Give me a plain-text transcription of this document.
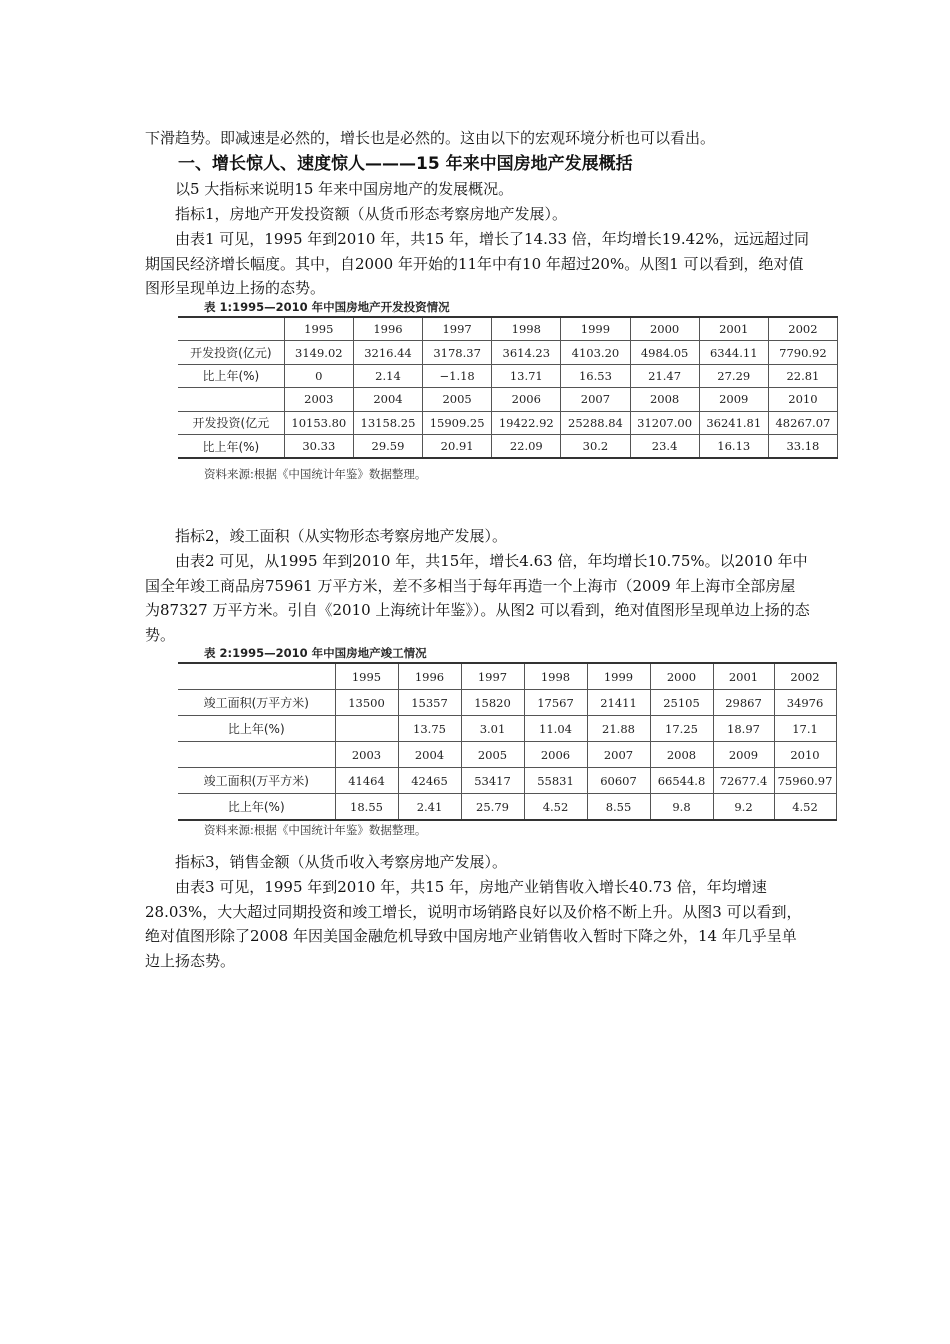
下滑趋势。即减速是必然的，增长也是必然的。这由以下的宏观环境分析也可以看出。

一、增长惊人、速度惊人———15 年来中国房地产发展概括

以5 大指标来说明15 年来中国房地产的发展概况。

指标1，房地产开发投资额（从货币形态考察房地产发展）。

由表1 可见，1995 年到2010 年，共15 年，增长了14.33 倍，年均增长19.42%，远远超过同期国民经济增长幅度。其中，自2000 年开始的11年中有10 年超过20%。从图1 可以看到，绝对值图形呈现单边上扬的态势。

表 1:1995—2010 年中国房地产开发投资情况
	1995	1996	1997	1998	1999	2000	2001	2002
开发投资(亿元)	3149.02	3216.44	3178.37	3614.23	4103.20	4984.05	6344.11	7790.92
比上年(%)	0	2.14	−1.18	13.71	16.53	21.47	27.29	22.81
	2003	2004	2005	2006	2007	2008	2009	2010
开发投资(亿元	10153.80	13158.25	15909.25	19422.92	25288.84	31207.00	36241.81	48267.07
比上年(%)	30.33	29.59	20.91	22.09	30.2	23.4	16.13	33.18
资料来源:根据《中国统计年鉴》数据整理。

指标2，竣工面积（从实物形态考察房地产发展）。

由表2 可见，从1995 年到2010 年，共15年，增长4.63 倍，年均增长10.75%。以2010 年中国全年竣工商品房75961 万平方米，差不多相当于每年再造一个上海市（2009 年上海市全部房屋为87327 万平方米。引自《2010 上海统计年鉴》）。从图2 可以看到，绝对值图形呈现单边上扬的态势。

表 2:1995—2010 年中国房地产竣工情况
	1995	1996	1997	1998	1999	2000	2001	2002
竣工面积(万平方米)	13500	15357	15820	17567	21411	25105	29867	34976
比上年(%)		13.75	3.01	11.04	21.88	17.25	18.97	17.1
	2003	2004	2005	2006	2007	2008	2009	2010
竣工面积(万平方米)	41464	42465	53417	55831	60607	66544.8	72677.4	75960.97
比上年(%)	18.55	2.41	25.79	4.52	8.55	9.8	9.2	4.52
资料来源:根据《中国统计年鉴》数据整理。

指标3，销售金额（从货币收入考察房地产发展）。

由表3 可见，1995 年到2010 年，共15 年，房地产业销售收入增长40.73 倍，年均增速28.03%，大大超过同期投资和竣工增长，说明市场销路良好以及价格不断上升。从图3 可以看到，绝对值图形除了2008 年因美国金融危机导致中国房地产业销售收入暂时下降之外，14 年几乎呈单边上扬态势。
